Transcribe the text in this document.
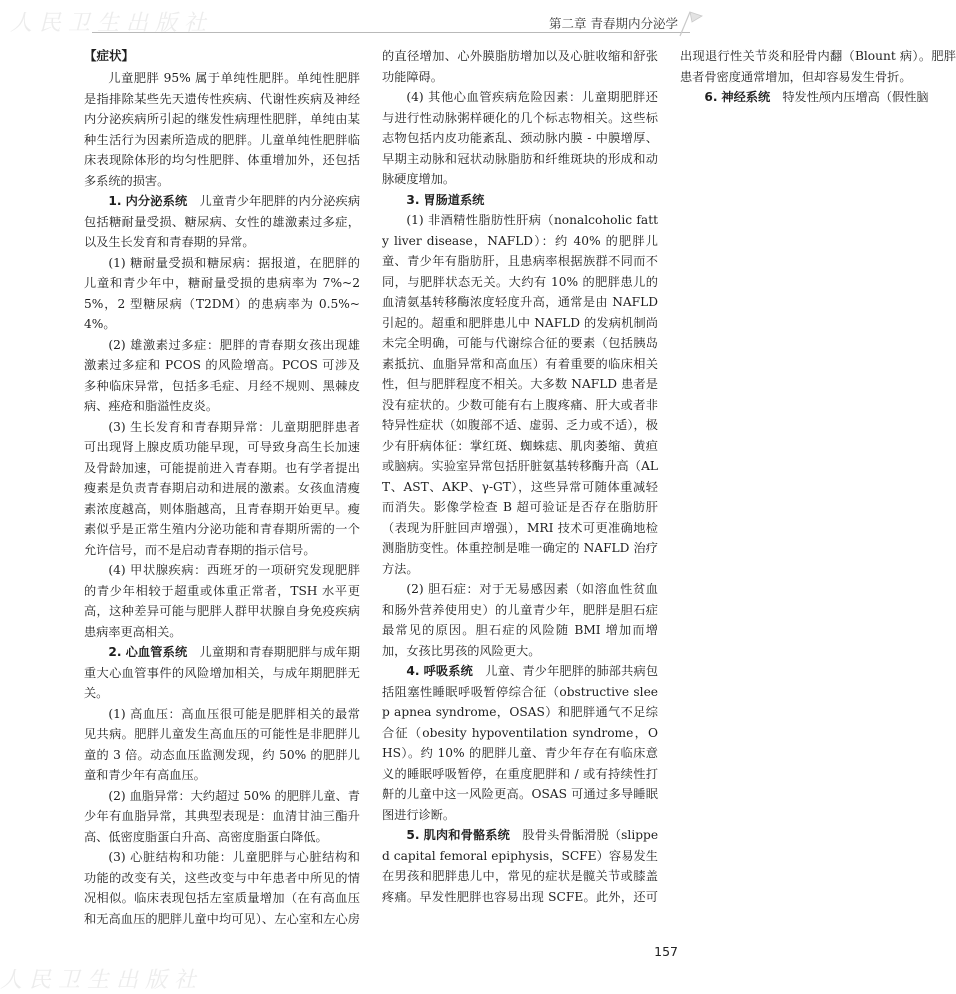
人民卫生出版社	第二章 青春期内分泌学
【症状】

儿童肥胖 95% 属于单纯性肥胖。单纯性肥胖是指排除某些先天遗传性疾病、代谢性疾病及神经内分泌疾病所引起的继发性病理性肥胖，单纯由某种生活行为因素所造成的肥胖。儿童单纯性肥胖临床表现除体形的均匀性肥胖、体重增加外，还包括多系统的损害。

1. 内分泌系统　 儿童青少年肥胖的内分泌疾病包括糖耐量受损、糖尿病、女性的雄激素过多症，以及生长发育和青春期的异常。

(1) 糖耐量受损和糖尿病：据报道，在肥胖的儿童和青少年中，糖耐量受损的患病率为 7%~25%，2 型糖尿病（T2DM）的患病率为 0.5%~4%。

(2) 雄激素过多症：肥胖的青春期女孩出现雄激素过多症和 PCOS 的风险增高。PCOS 可涉及多种临床异常，包括多毛症、月经不规则、黑棘皮病、痤疮和脂溢性皮炎。

(3) 生长发育和青春期异常：儿童期肥胖患者可出现肾上腺皮质功能早现，可导致身高生长加速及骨龄加速，可能提前进入青春期。也有学者提出瘦素是负责青春期启动和进展的激素。女孩血清瘦素浓度越高，则体脂越高，且青春期开始更早。瘦素似乎是正常生殖内分泌功能和青春期所需的一个允许信号，而不是启动青春期的指示信号。

(4) 甲状腺疾病：西班牙的一项研究发现肥胖的青少年相较于超重或体重正常者，TSH 水平更高，这种差异可能与肥胖人群甲状腺自身免疫疾病患病率更高相关。

2. 心血管系统　 儿童期和青春期肥胖与成年期重大心血管事件的风险增加相关，与成年期肥胖无关。

(1) 高血压：高血压很可能是肥胖相关的最常见共病。肥胖儿童发生高血压的可能性是非肥胖儿童的 3 倍。动态血压监测发现，约 50% 的肥胖儿童和青少年有高血压。

(2) 血脂异常：大约超过 50% 的肥胖儿童、青少年有血脂异常，其典型表现是：血清甘油三酯升高、低密度脂蛋白升高、高密度脂蛋白降低。

(3) 心脏结构和功能：儿童肥胖与心脏结构和功能的改变有关，这些改变与中年患者中所见的情况相似。临床表现包括左室质量增加（在有高血压和无高血压的肥胖儿童中均可见）、左心室和左心房的直径增加、心外膜脂肪增加以及心脏收缩和舒张功能障碍。

(4) 其他心血管疾病危险因素：儿童期肥胖还与进行性动脉粥样硬化的几个标志物相关。这些标志物包括内皮功能紊乱、颈动脉内膜 - 中膜增厚、早期主动脉和冠状动脉脂肪和纤维斑块的形成和动脉硬度增加。

3. 胃肠道系统

(1) 非酒精性脂肪性肝病（nonalcoholic fatty liver disease，NAFLD）：约 40% 的肥胖儿童、青少年有脂肪肝，且患病率根据族群不同而不同，与肥胖状态无关。大约有 10% 的肥胖患儿的血清氨基转移酶浓度轻度升高，通常是由 NAFLD 引起的。超重和肥胖患儿中 NAFLD 的发病机制尚未完全明确，可能与代谢综合征的要素（包括胰岛素抵抗、血脂异常和高血压）有着重要的临床相关性，但与肥胖程度不相关。大多数 NAFLD 患者是没有症状的。少数可能有右上腹疼痛、肝大或者非特异性症状（如腹部不适、虚弱、乏力或不适），极少有肝病体征：掌红斑、蜘蛛痣、肌肉萎缩、黄疸或脑病。实验室异常包括肝脏氨基转移酶升高（ALT、AST、AKP、γ-GT），这些异常可随体重减轻而消失。影像学检查 B 超可验证是否存在脂肪肝（表现为肝脏回声增强），MRI 技术可更准确地检测脂肪变性。体重控制是唯一确定的 NAFLD 治疗方法。

(2) 胆石症：对于无易感因素（如溶血性贫血和肠外营养使用史）的儿童青少年，肥胖是胆石症最常见的原因。胆石症的风险随 BMI 增加而增加，女孩比男孩的风险更大。

4. 呼吸系统　 儿童、青少年肥胖的肺部共病包括阻塞性睡眠呼吸暂停综合征（obstructive sleep apnea syndrome，OSAS）和肥胖通气不足综合征（obesity hypoventilation syndrome，OHS）。约 10% 的肥胖儿童、青少年存在有临床意义的睡眠呼吸暂停，在重度肥胖和 / 或有持续性打鼾的儿童中这一风险更高。OSAS 可通过多导睡眠图进行诊断。

5. 肌肉和骨骼系统　 股骨头骨骺滑脱（slipped capital femoral epiphysis，SCFE）容易发生在男孩和肥胖患儿中，常见的症状是髋关节或膝盖疼痛。早发性肥胖也容易出现 SCFE。此外，还可出现退行性关节炎和胫骨内翻（Blount 病）。肥胖患者骨密度通常增加，但却容易发生骨折。

6. 神经系统　 特发性颅内压增高（假性脑

157
人民卫生出版社
